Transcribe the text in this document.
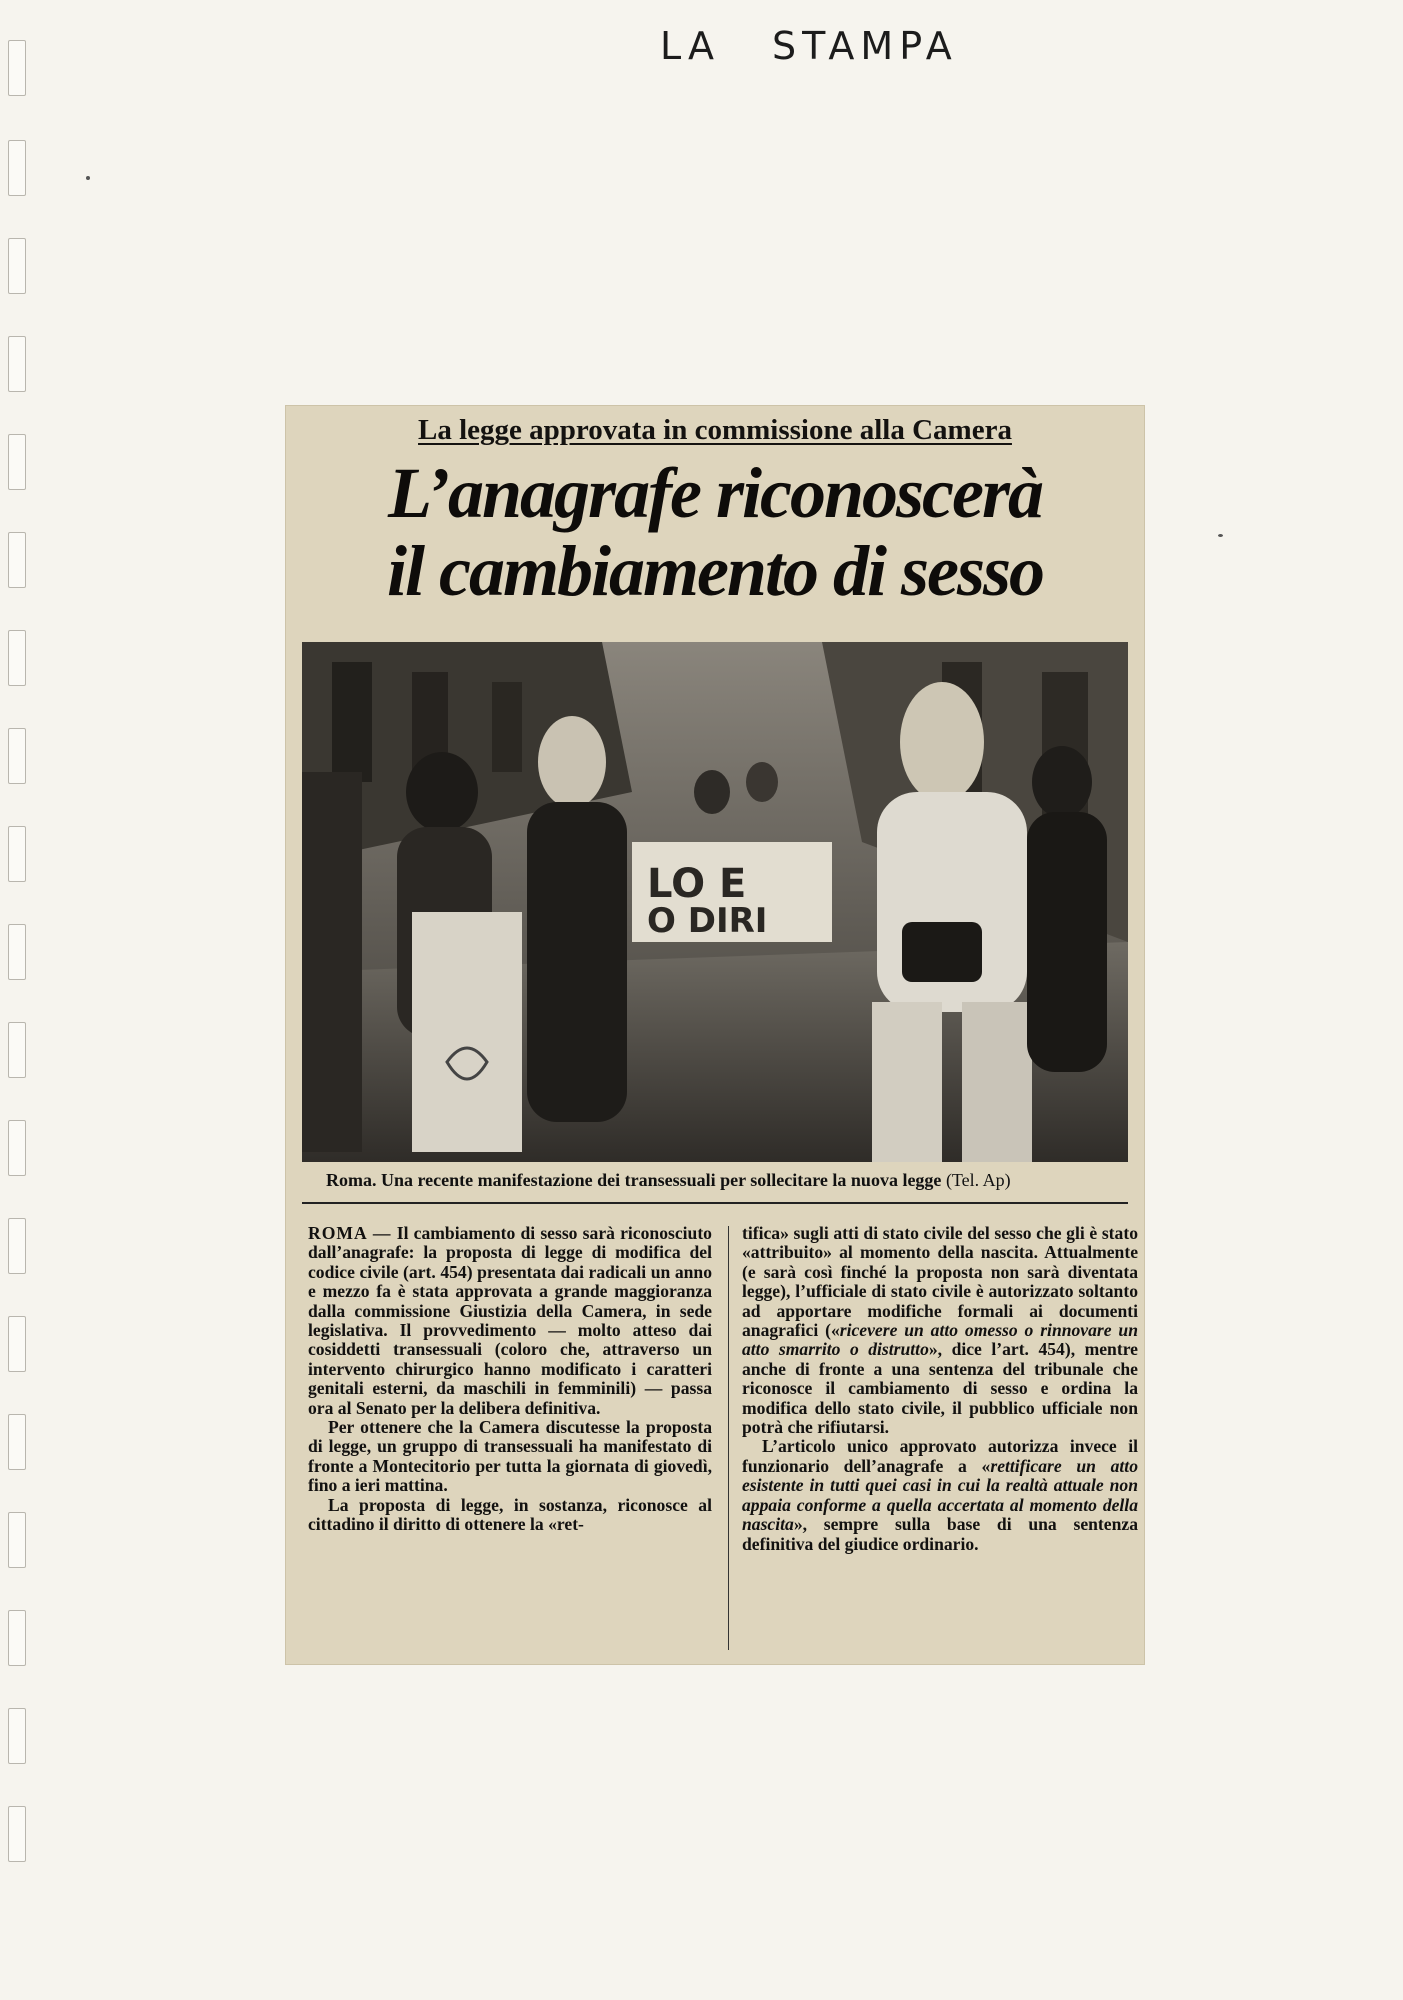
LA STAMPA
La legge approvata in commissione alla Camera
L’anagrafe riconoscerà
il cambiamento di sesso
LO E
O DIRI
Roma. Una recente manifestazione dei transessuali per sollecitare la nuova legge (Tel. Ap)

ROMA — Il cambiamento di sesso sarà riconosciuto dall’anagrafe: la proposta di legge di modifica del codice civile (art. 454) presentata dai radicali un anno e mezzo fa è stata approvata a grande maggioranza dalla commissione Giustizia della Camera, in sede legislativa. Il provvedimento — molto atteso dai cosiddetti transessuali (coloro che, attraverso un intervento chirurgico hanno modificato i caratteri genitali esterni, da maschili in femminili) — passa ora al Senato per la delibera definitiva.

Per ottenere che la Camera discutesse la proposta di legge, un gruppo di transessuali ha manifestato di fronte a Montecitorio per tutta la giornata di giovedì, fino a ieri mattina.

La proposta di legge, in sostanza, riconosce al cittadino il diritto di ottenere la «ret-

tifica» sugli atti di stato civile del sesso che gli è stato «attribuito» al momento della nascita. Attualmente (e sarà così finché la proposta non sarà diventata legge), l’ufficiale di stato civile è autorizzato soltanto ad apportare modifiche formali ai documenti anagrafici («ricevere un atto omesso o rinnovare un atto smarrito o distrutto», dice l’art. 454), mentre anche di fronte a una sentenza del tribunale che riconosce il cambiamento di sesso e ordina la modifica dello stato civile, il pubblico ufficiale non potrà che rifiutarsi.

L’articolo unico approvato autorizza invece il funzionario dell’anagrafe a «rettificare un atto esistente in tutti quei casi in cui la realtà attuale non appaia conforme a quella accertata al momento della nascita», sempre sulla base di una sentenza definitiva del giudice ordinario.
